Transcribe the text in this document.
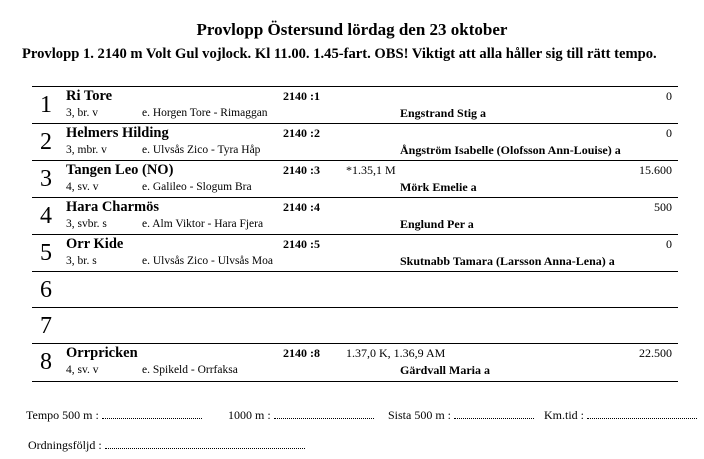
Provlopp Östersund lördag den 23 oktober
Provlopp 1. 2140 m Volt Gul vojlock. Kl 11.00. 1.45-fart. OBS! Viktigt att alla håller sig till rätt tempo.
1 Ri Tore
3, br. v	e. Horgen Tore - Rimaggan
2140 :1
Engstrand Stig a
0
2 Helmers Hilding
3, mbr. v	e. Ulvsås Zico - Tyra Håp
2140 :2
Ångström Isabelle (Olofsson Ann-Louise) a
0
3 Tangen Leo (NO)
4, sv. v	e. Galileo - Slogum Bra
2140 :3 *1.35,1 M
Mörk Emelie a
15.600
4 Hara Charmös
3, svbr. s	e. Alm Viktor - Hara Fjera
2140 :4
Englund Per a
500
5 Orr Kide
3, br. s	e. Ulvsås Zico - Ulvsås Moa
2140 :5
Skutnabb Tamara (Larsson Anna-Lena) a
0
6
7
8 Orrpricken
4, sv. v	e. Spikeld - Orrfaksa
2140 :8 1.37,0 K, 1.36,9 AM
Gärdvall Maria a
22.500
Tempo 500 m :	1000 m :	Sista 500 m :	Km.tid :
Ordningsföljd :
